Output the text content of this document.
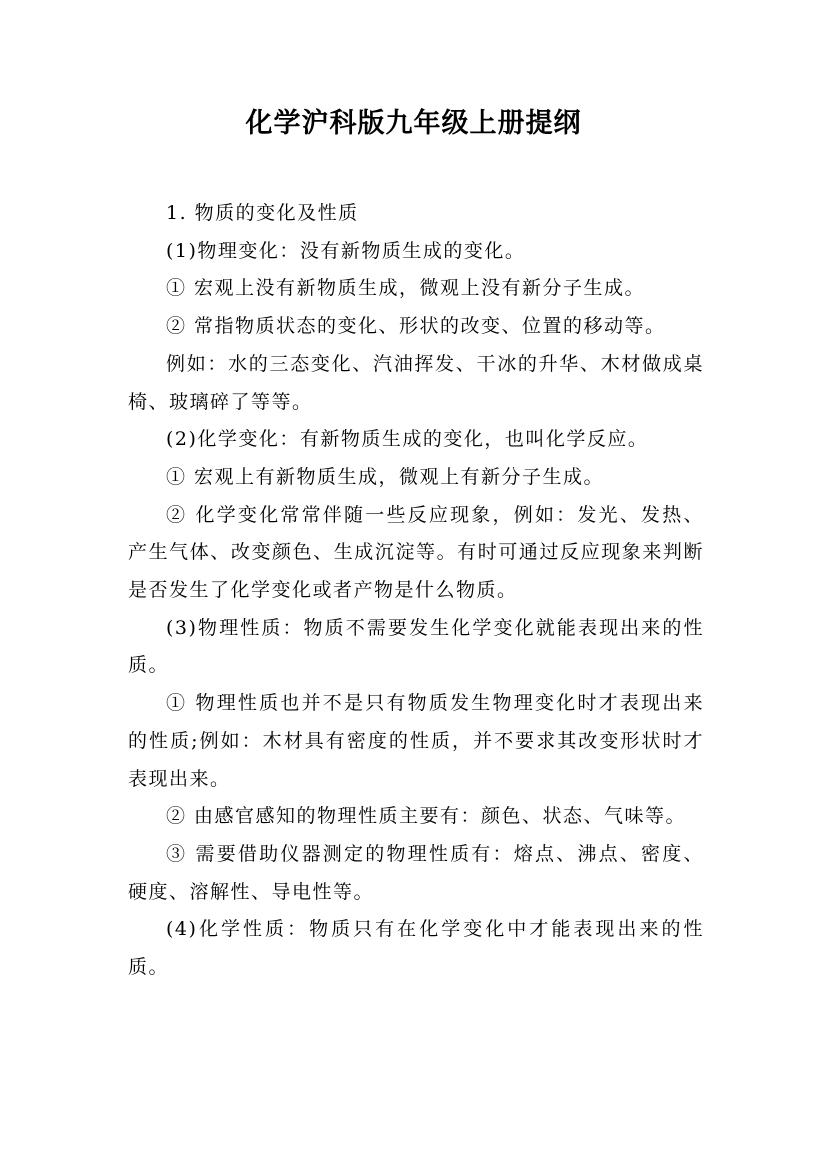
化学沪科版九年级上册提纲

1. 物质的变化及性质

(1)物理变化：没有新物质生成的变化。

① 宏观上没有新物质生成，微观上没有新分子生成。

② 常指物质状态的变化、形状的改变、位置的移动等。

例如：水的三态变化、汽油挥发、干冰的升华、木材做成桌椅、玻璃碎了等等。

(2)化学变化：有新物质生成的变化，也叫化学反应。

① 宏观上有新物质生成，微观上有新分子生成。

② 化学变化常常伴随一些反应现象，例如：发光、发热、产生气体、改变颜色、生成沉淀等。有时可通过反应现象来判断是否发生了化学变化或者产物是什么物质。

(3)物理性质：物质不需要发生化学变化就能表现出来的性质。

① 物理性质也并不是只有物质发生物理变化时才表现出来的性质;例如：木材具有密度的性质，并不要求其改变形状时才表现出来。

② 由感官感知的物理性质主要有：颜色、状态、气味等。

③ 需要借助仪器测定的物理性质有：熔点、沸点、密度、硬度、溶解性、导电性等。

(4)化学性质：物质只有在化学变化中才能表现出来的性质。
